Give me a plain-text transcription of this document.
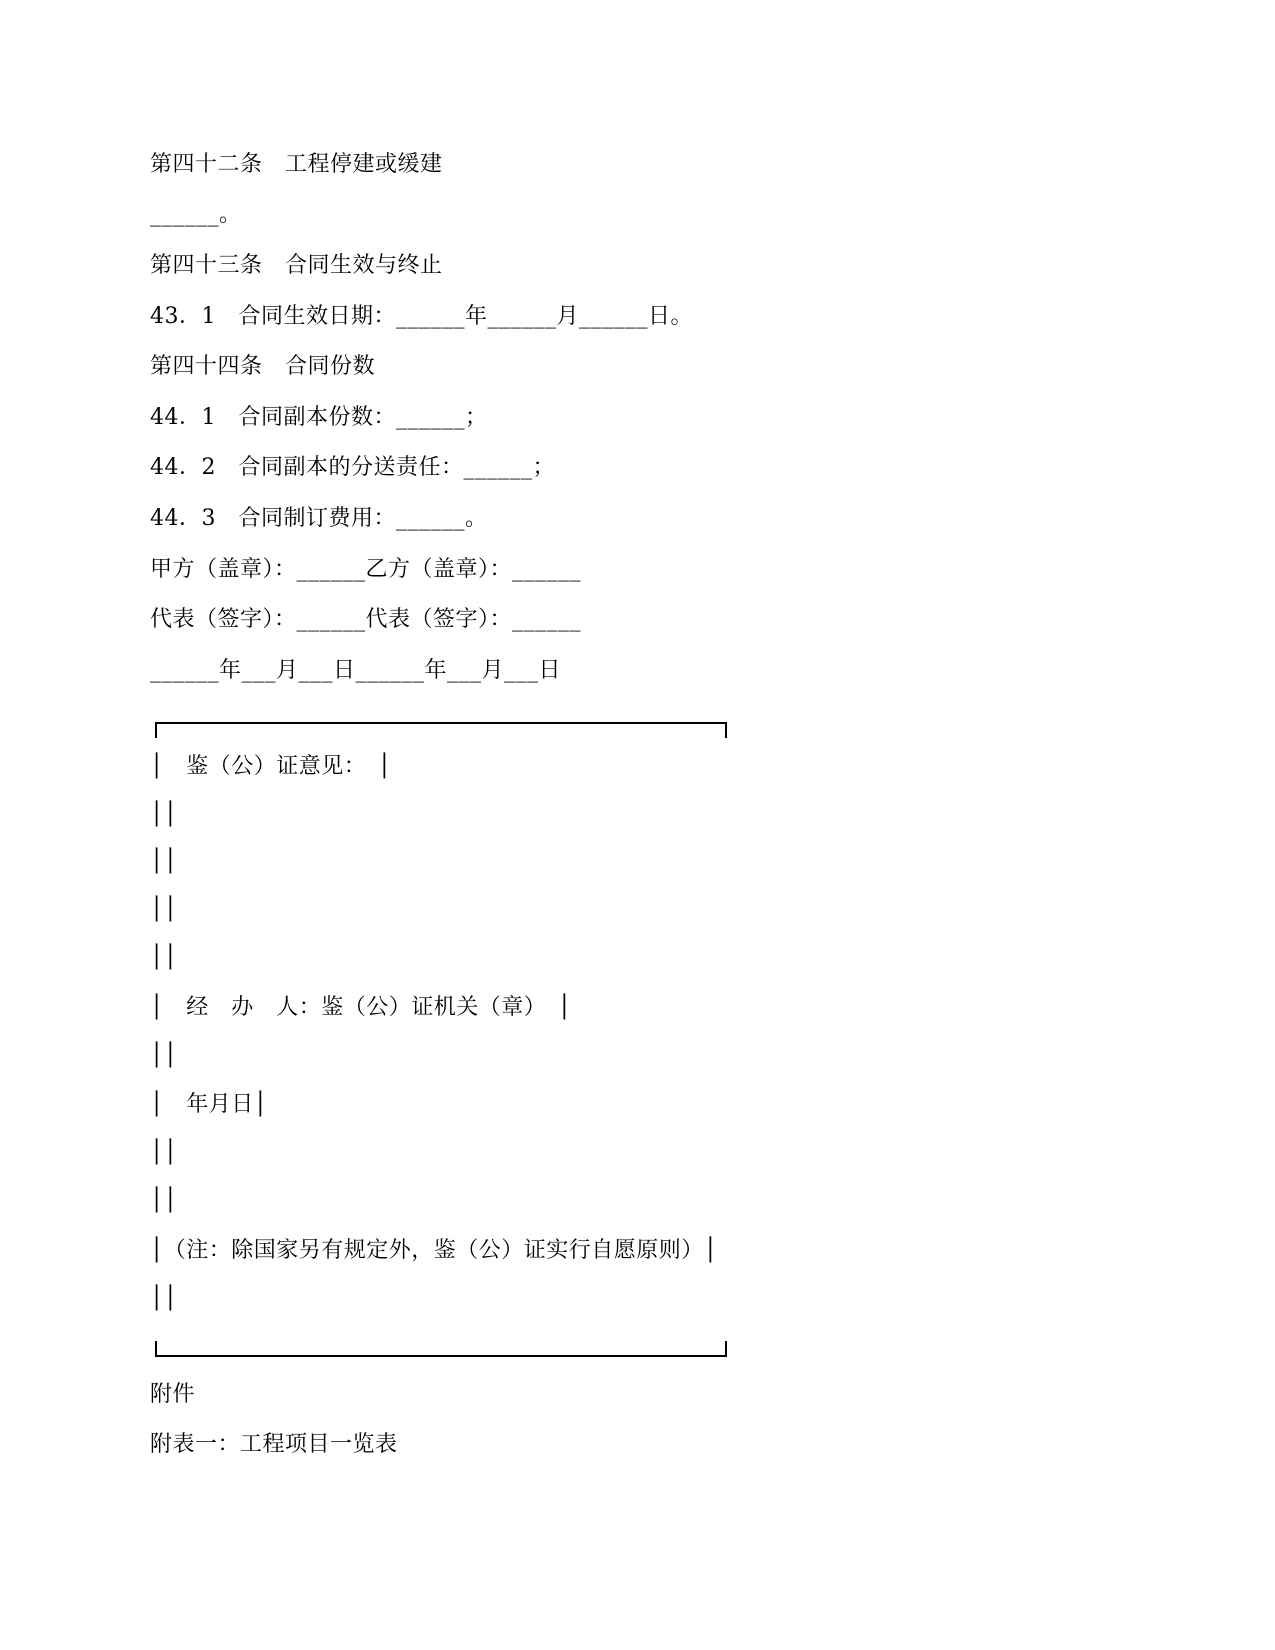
第四十二条　工程停建或缓建
______。
第四十三条　合同生效与终止
43．1　合同生效日期：______年______月______日。
第四十四条　合同份数
44．1　合同副本份数：______；
44．2　合同副本的分送责任：______；
44．3　合同制订费用：______。
甲方（盖章）：______乙方（盖章）：______
代表（签字）：______代表（签字）：______
______年___月___日______年___月___日
│　鉴（公）证意见：　│
││
││
││
││
│　经　办　人：鉴（公）证机关（章）　│
││
│　年月日│
││
││
│（注：除国家另有规定外，鉴（公）证实行自愿原则）│
││
附件
附表一：工程项目一览表
